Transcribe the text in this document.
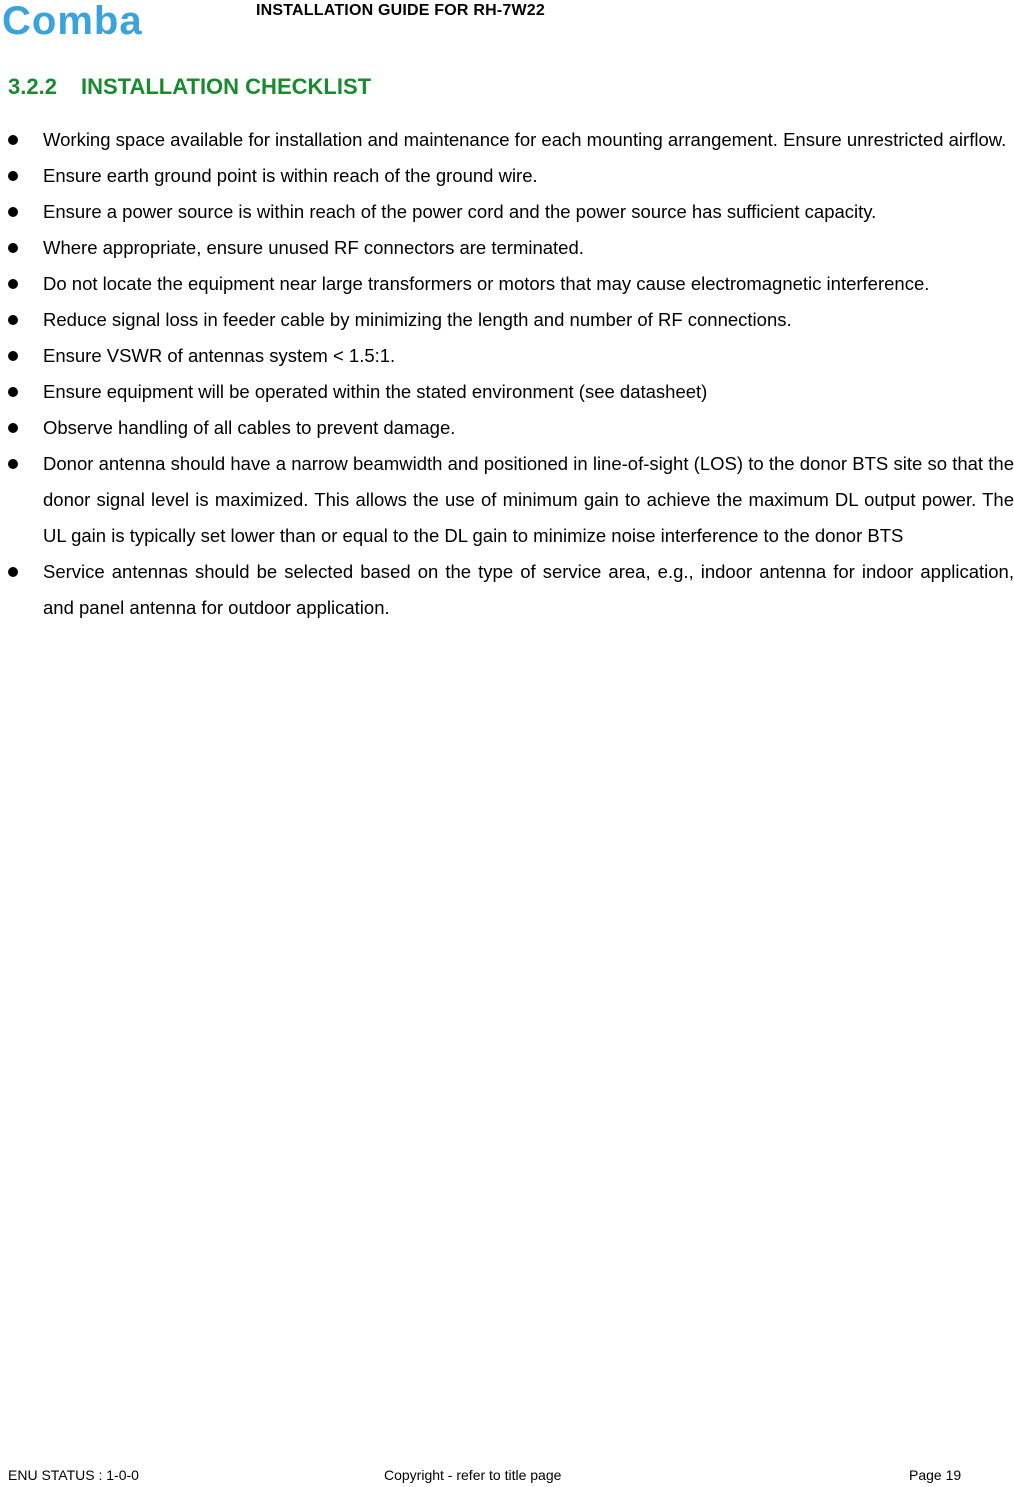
Comba	INSTALLATION GUIDE FOR RH-7W22
3.2.2 INSTALLATION CHECKLIST
Working space available for installation and maintenance for each mounting arrangement. Ensure unrestricted airflow.
Ensure earth ground point is within reach of the ground wire.
Ensure a power source is within reach of the power cord and the power source has sufficient capacity.
Where appropriate, ensure unused RF connectors are terminated.
Do not locate the equipment near large transformers or motors that may cause electromagnetic interference.
Reduce signal loss in feeder cable by minimizing the length and number of RF connections.
Ensure VSWR of antennas system < 1.5:1.
Ensure equipment will be operated within the stated environment (see datasheet)
Observe handling of all cables to prevent damage.
Donor antenna should have a narrow beamwidth and positioned in line-of-sight (LOS) to the donor BTS site so that the donor signal level is maximized. This allows the use of minimum gain to achieve the maximum DL output power. The UL gain is typically set lower than or equal to the DL gain to minimize noise interference to the donor BTS
Service antennas should be selected based on the type of service area, e.g., indoor antenna for indoor application, and panel antenna for outdoor application.
ENU STATUS : 1-0-0	Copyright - refer to title page	Page 19
